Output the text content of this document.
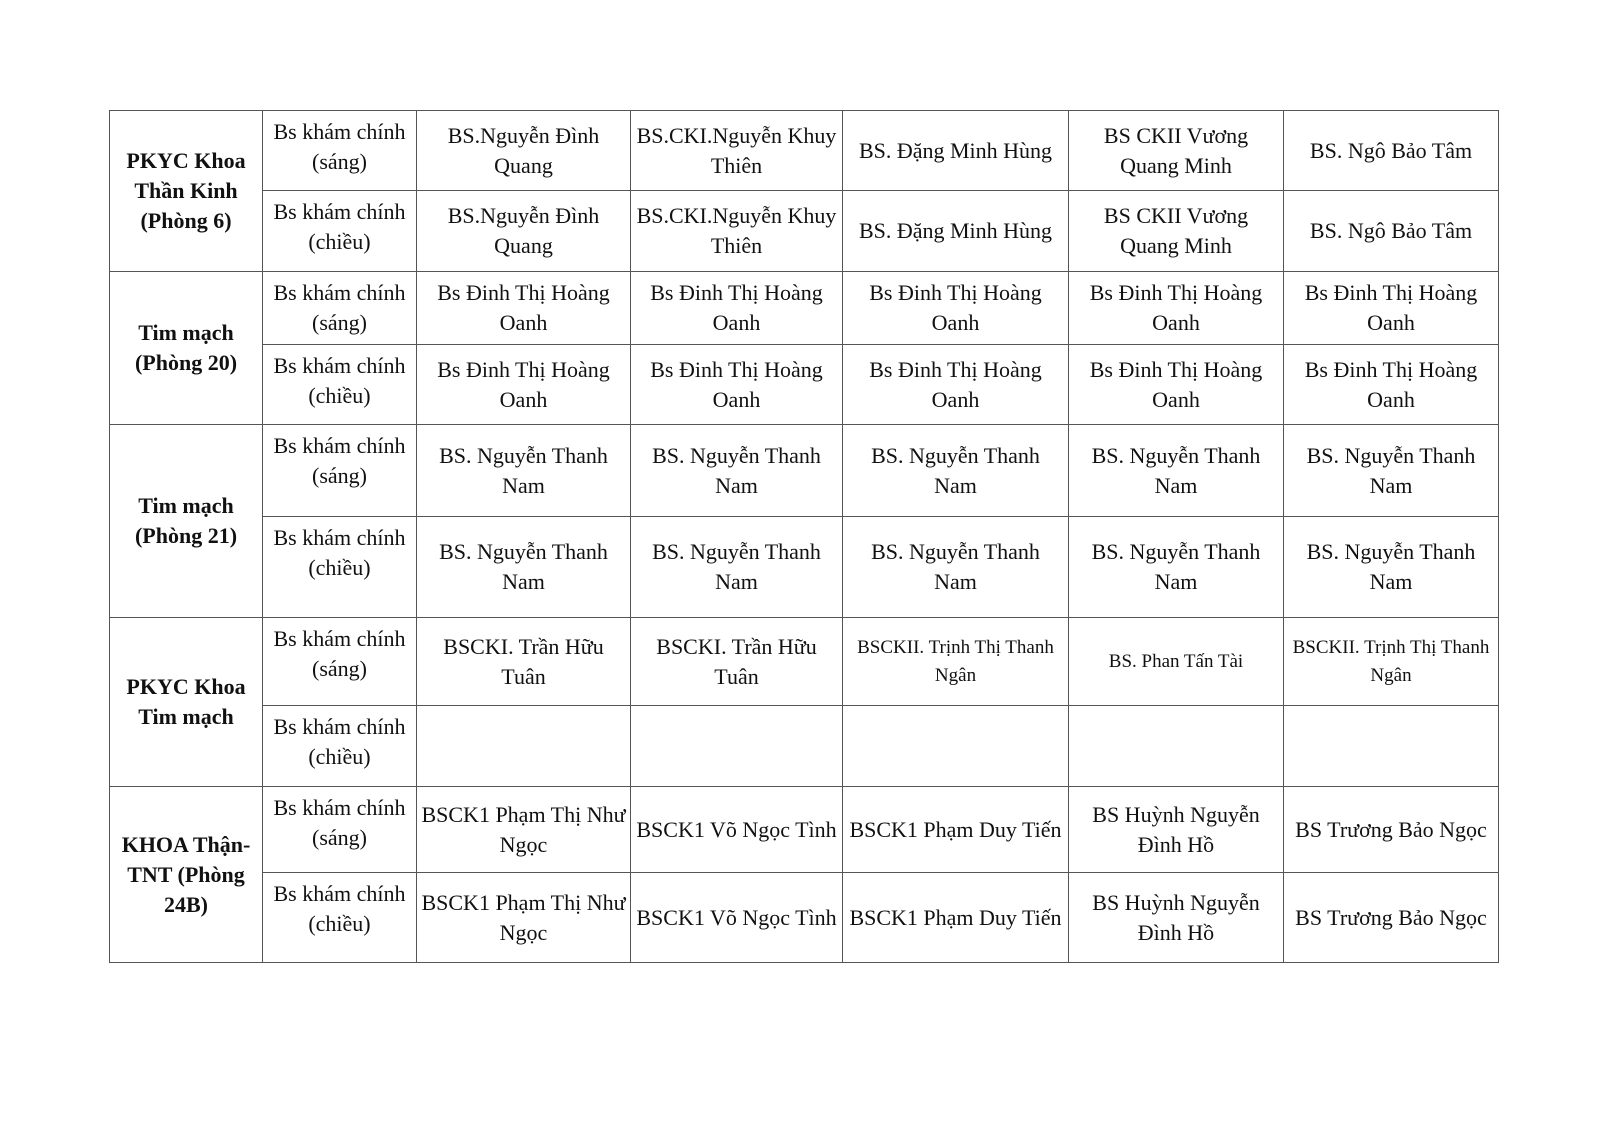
PKYC Khoa Thần Kinh (Phòng 6)	Bs khám chính (sáng)	BS.Nguyễn Đình Quang	BS.CKI.Nguyễn Khuy Thiên	BS. Đặng Minh Hùng	BS CKII Vương Quang Minh	BS. Ngô Bảo Tâm
	Bs khám chính (chiều)	BS.Nguyễn Đình Quang	BS.CKI.Nguyễn Khuy Thiên	BS. Đặng Minh Hùng	BS CKII Vương Quang Minh	BS. Ngô Bảo Tâm
Tim mạch (Phòng 20)	Bs khám chính (sáng)	Bs Đinh Thị Hoàng Oanh	Bs Đinh Thị Hoàng Oanh	Bs Đinh Thị Hoàng Oanh	Bs Đinh Thị Hoàng Oanh	Bs Đinh Thị Hoàng Oanh
	Bs khám chính (chiều)	Bs Đinh Thị Hoàng Oanh	Bs Đinh Thị Hoàng Oanh	Bs Đinh Thị Hoàng Oanh	Bs Đinh Thị Hoàng Oanh	Bs Đinh Thị Hoàng Oanh
Tim mạch (Phòng 21)	Bs khám chính (sáng)	BS. Nguyễn Thanh Nam	BS. Nguyễn Thanh Nam	BS. Nguyễn Thanh Nam	BS. Nguyễn Thanh Nam	BS. Nguyễn Thanh Nam
	Bs khám chính (chiều)	BS. Nguyễn Thanh Nam	BS. Nguyễn Thanh Nam	BS. Nguyễn Thanh Nam	BS. Nguyễn Thanh Nam	BS. Nguyễn Thanh Nam
PKYC Khoa Tim mạch	Bs khám chính (sáng)	BSCKI. Trần Hữu Tuân	BSCKI. Trần Hữu Tuân	BSCKII. Trịnh Thị Thanh Ngân	BS. Phan Tấn Tài	BSCKII. Trịnh Thị Thanh Ngân
	Bs khám chính (chiều)					
KHOA Thận-TNT (Phòng 24B)	Bs khám chính (sáng)	BSCK1 Phạm Thị Như Ngọc	BSCK1 Võ Ngọc Tình	BSCK1 Phạm Duy Tiến	BS Huỳnh Nguyễn Đình Hồ	BS Trương Bảo Ngọc
	Bs khám chính (chiều)	BSCK1 Phạm Thị Như Ngọc	BSCK1 Võ Ngọc Tình	BSCK1 Phạm Duy Tiến	BS Huỳnh Nguyễn Đình Hồ	BS Trương Bảo Ngọc
